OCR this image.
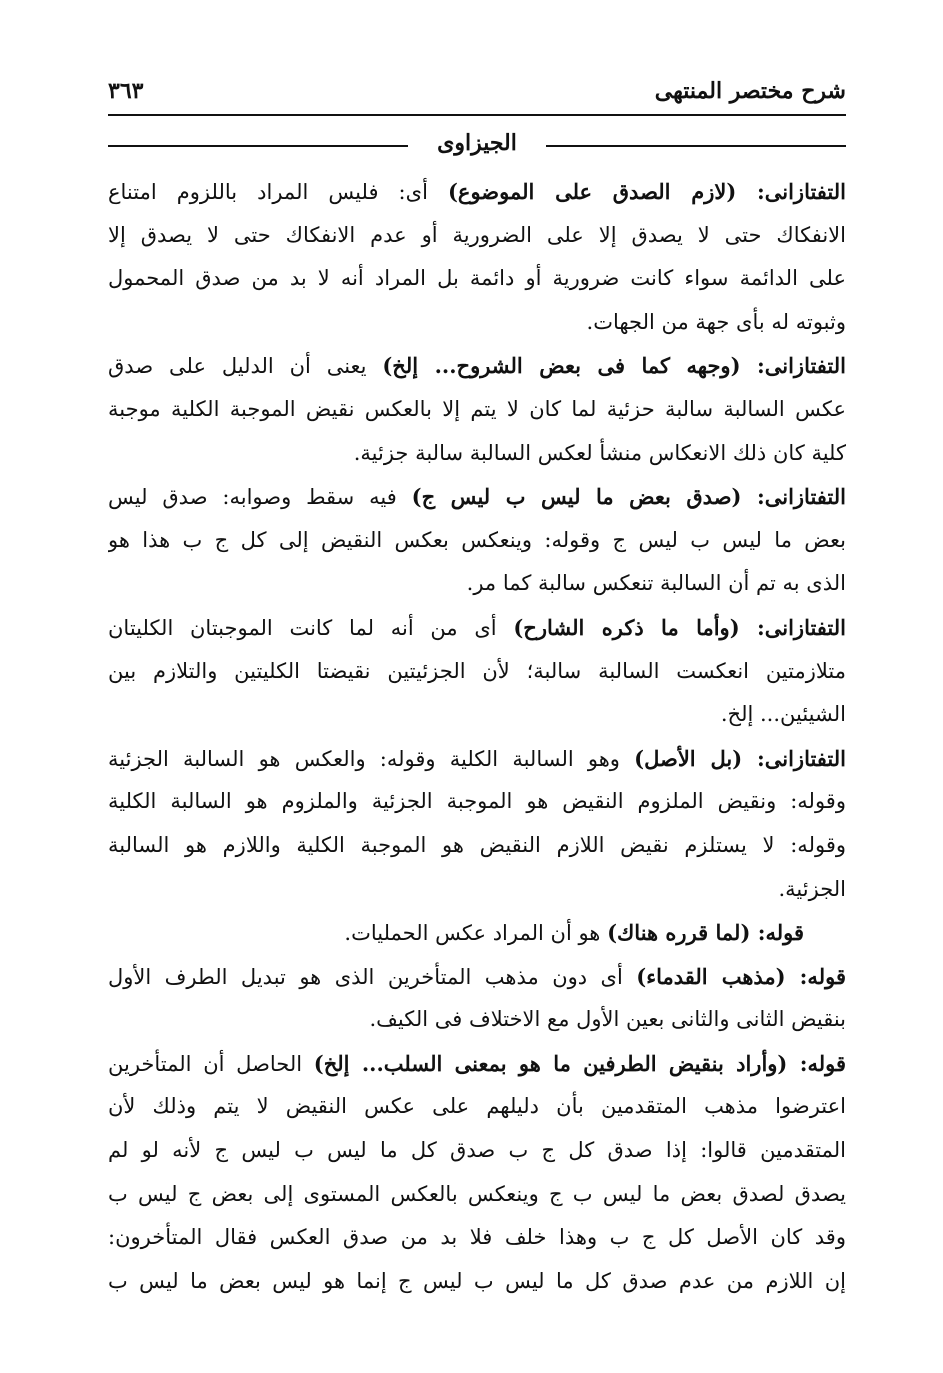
شرح مختصر المنتهى
٣٦٣
الجيزاوى
التفتازانى: (لازم الصدق على الموضوع) أى: فليس المراد باللزوم امتناع
الانفكاك حتى لا يصدق إلا على الضرورية أو عدم الانفكاك حتى لا يصدق إلا
على الدائمة سواء كانت ضرورية أو دائمة بل المراد أنه لا بد من صدق المحمول
وثبوته له بأى جهة من الجهات.
التفتازانى: (وجهه كما فى بعض الشروح... إلخ) يعنى أن الدليل على صدق
عكس السالبة سالبة حزئية لما كان لا يتم إلا بالعكس نقيض الموجبة الكلية موجبة
كلية كان ذلك الانعكاس منشأ لعكس السالبة سالبة جزئية.
التفتازانى: (صدق بعض ما ليس ب ليس ج) فيه سقط وصوابه: صدق ليس
بعض ما ليس ب ليس ج وقوله: وينعكس بعكس النقيض إلى كل ج ب هذا هو
الذى به تم أن السالبة تنعكس سالبة كما مر.
التفتازانى: (وأما ما ذكره الشارح) أى من أنه لما كانت الموجبتان الكليتان
متلازمتين انعكست السالبة سالبة؛ لأن الجزئيتين نقيضتا الكليتين والتلازم بين
الشيئين... إلخ.
التفتازانى: (بل الأصل) وهو السالبة الكلية وقوله: والعكس هو السالبة الجزئية
وقوله: ونقيض الملزوم النقيض هو الموجبة الجزئية والملزوم هو السالبة الكلية
وقوله: لا يستلزم نقيض اللازم النقيض هو الموجبة الكلية واللازم هو السالبة
الجزئية.
قوله: (لما قرره هناك) هو أن المراد عكس الحمليات.
قوله: (مذهب القدماء) أى دون مذهب المتأخرين الذى هو تبديل الطرف الأول
بنقيض الثانى والثانى بعين الأول مع الاختلاف فى الكيف.
قوله: (وأراد بنقيض الطرفين ما هو بمعنى السلب... إلخ) الحاصل أن المتأخرين
اعترضوا مذهب المتقدمين بأن دليلهم على عكس النقيض لا يتم وذلك لأن
المتقدمين قالوا: إذا صدق كل ج ب صدق كل ما ليس ب ليس ج لأنه لو لم
يصدق لصدق بعض ما ليس ب ج وينعكس بالعكس المستوى إلى بعض ج ليس ب
وقد كان الأصل كل ج ب وهذا خلف فلا بد من صدق العكس فقال المتأخرون:
إن اللازم من عدم صدق كل ما ليس ب ليس ج إنما هو ليس بعض ما ليس ب
